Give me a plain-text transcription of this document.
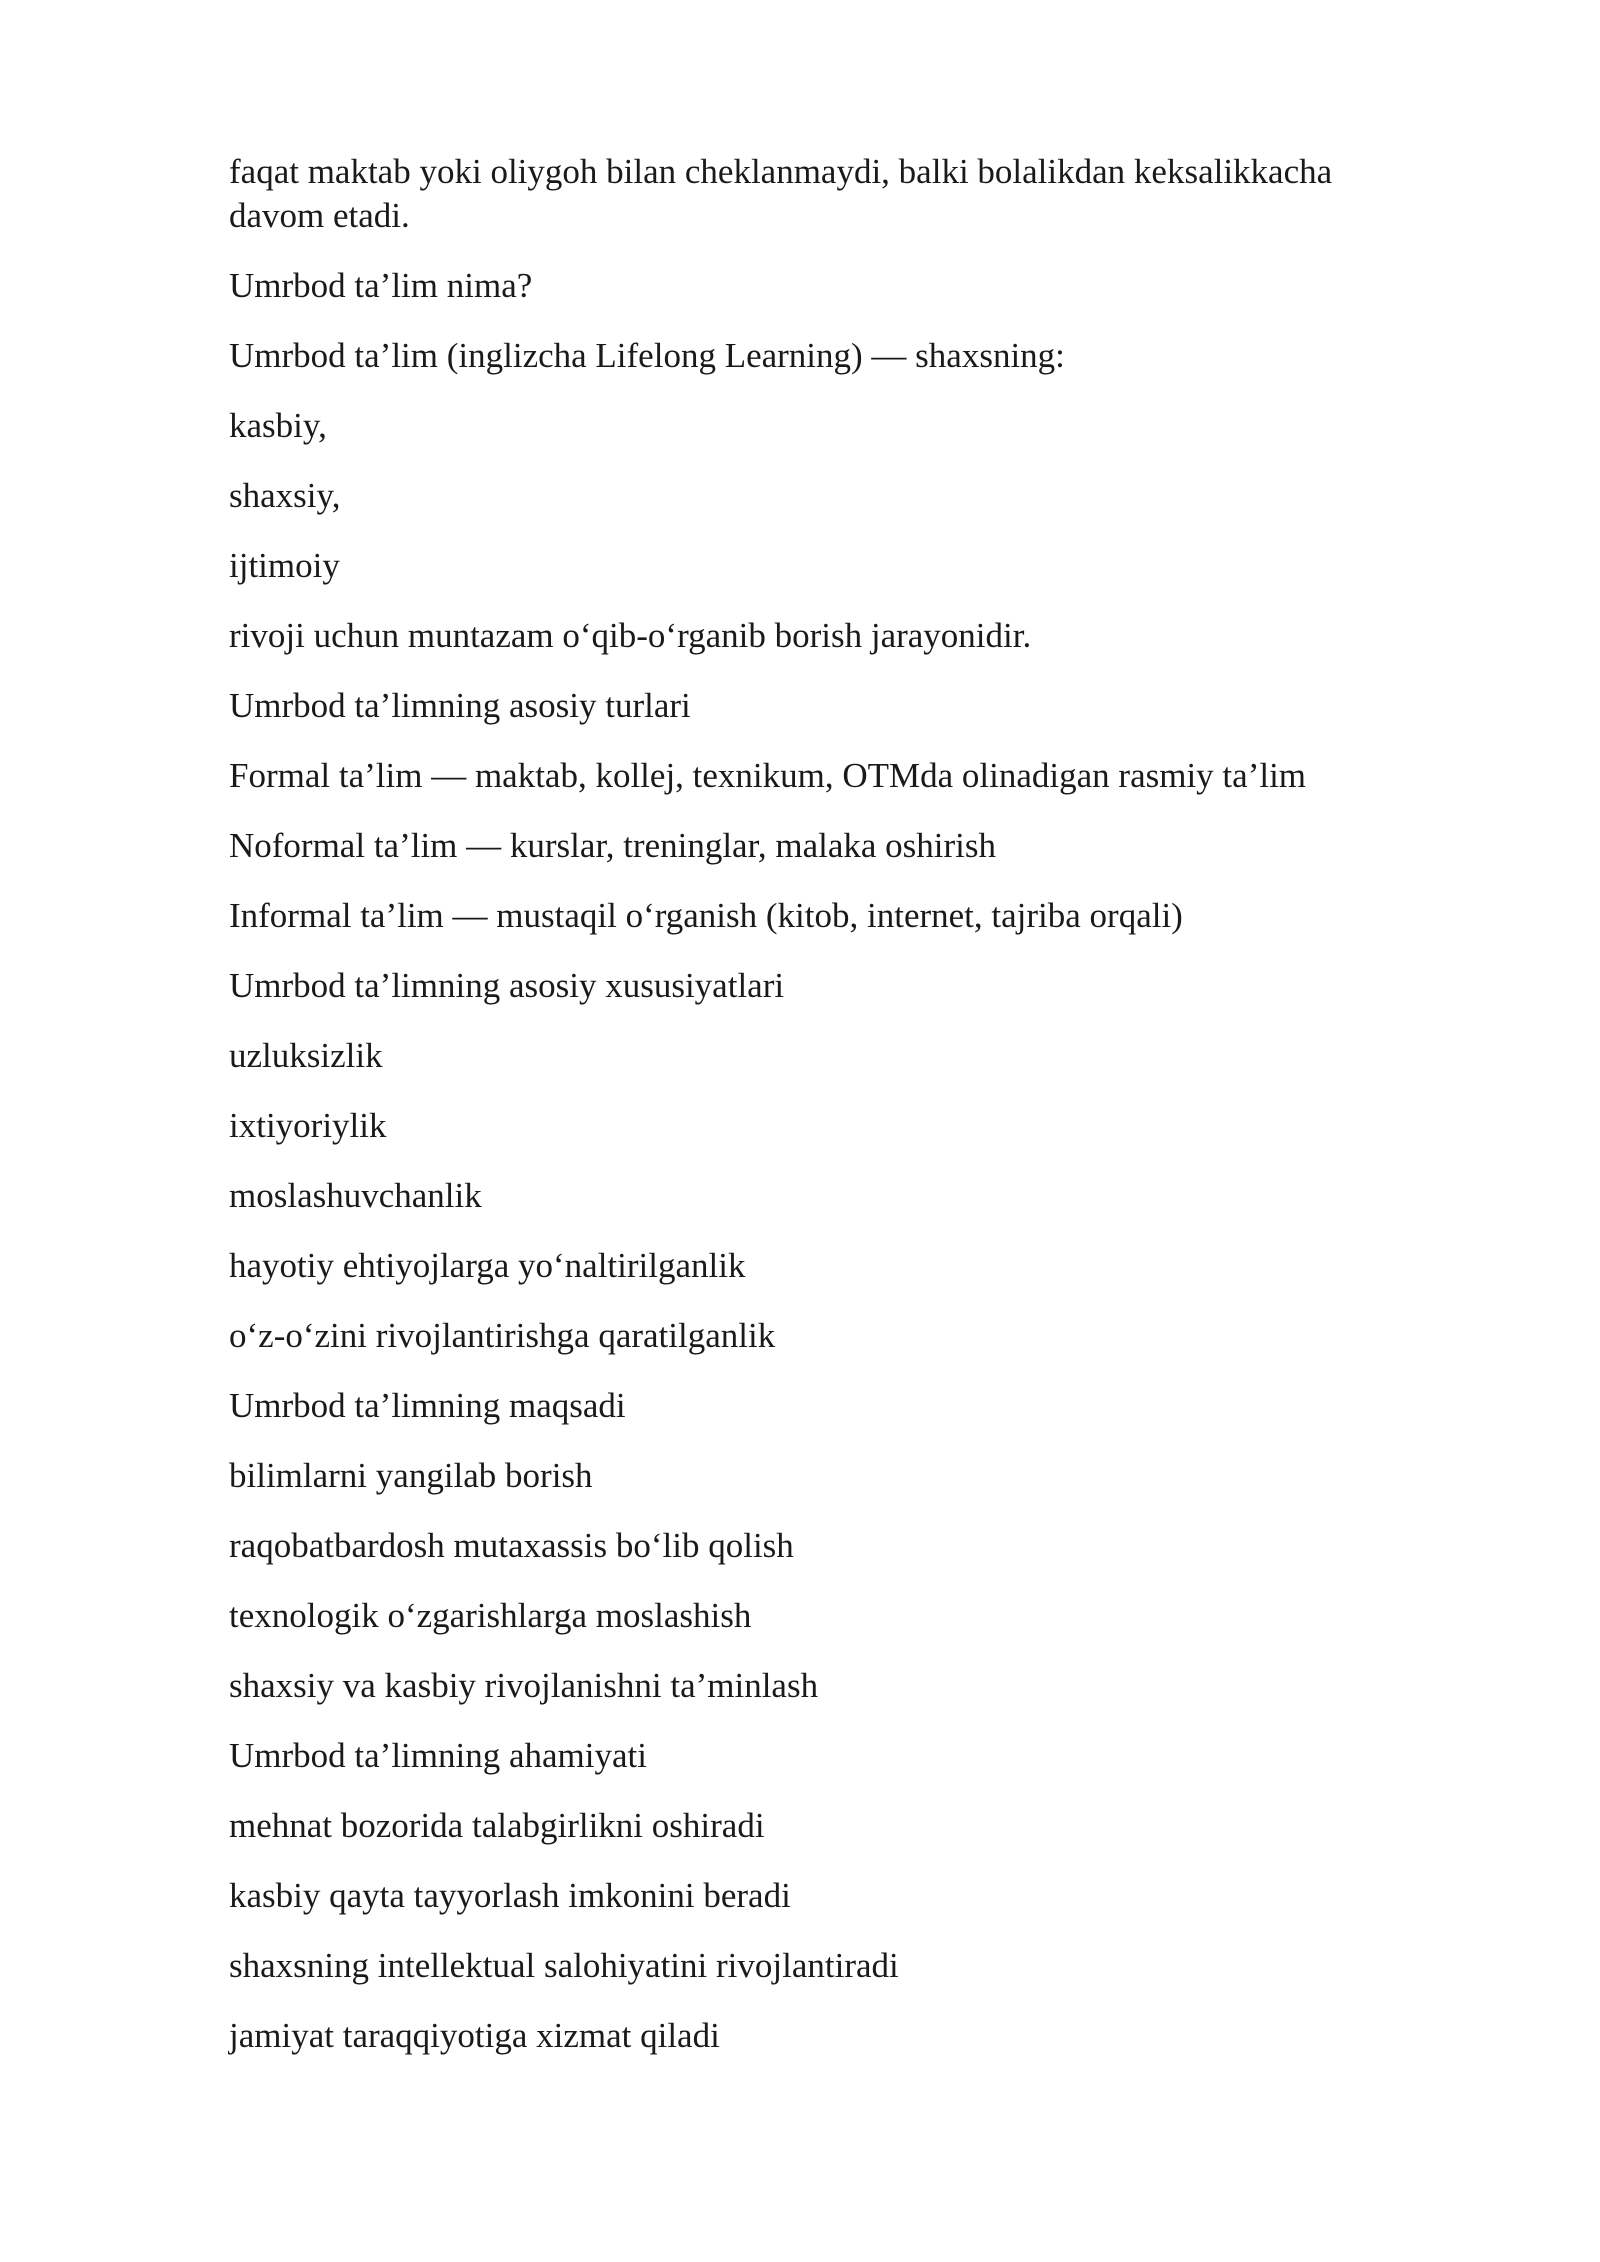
faqat maktab yoki oliygoh bilan cheklanmaydi, balki bolalikdan keksalikkacha davom etadi.

Umrbod ta’lim nima?

Umrbod ta’lim (inglizcha Lifelong Learning) — shaxsning:

kasbiy,

shaxsiy,

ijtimoiy

rivoji uchun muntazam o‘qib-o‘rganib borish jarayonidir.

Umrbod ta’limning asosiy turlari

Formal ta’lim — maktab, kollej, texnikum, OTMda olinadigan rasmiy ta’lim

Noformal ta’lim — kurslar, treninglar, malaka oshirish

Informal ta’lim — mustaqil o‘rganish (kitob, internet, tajriba orqali)

Umrbod ta’limning asosiy xususiyatlari

uzluksizlik

ixtiyoriylik

moslashuvchanlik

hayotiy ehtiyojlarga yo‘naltirilganlik

o‘z-o‘zini rivojlantirishga qaratilganlik

Umrbod ta’limning maqsadi

bilimlarni yangilab borish

raqobatbardosh mutaxassis bo‘lib qolish

texnologik o‘zgarishlarga moslashish

shaxsiy va kasbiy rivojlanishni ta’minlash

Umrbod ta’limning ahamiyati

mehnat bozorida talabgirlikni oshiradi

kasbiy qayta tayyorlash imkonini beradi

shaxsning intellektual salohiyatini rivojlantiradi

jamiyat taraqqiyotiga xizmat qiladi
